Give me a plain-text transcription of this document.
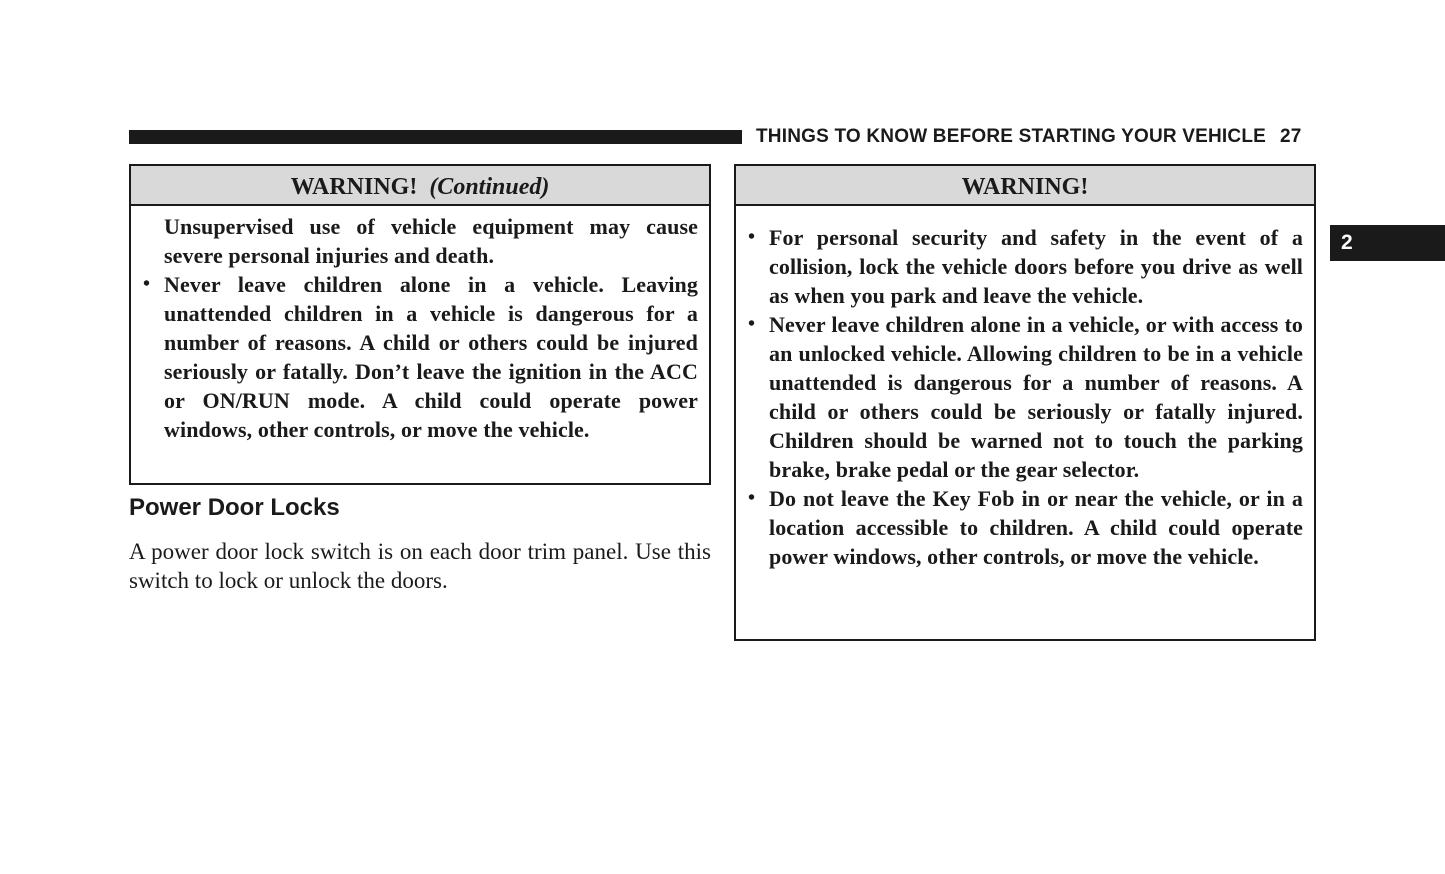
THINGS TO KNOW BEFORE STARTING YOUR VEHICLE 27
2
WARNING! (Continued)

Unsupervised use of vehicle equipment may cause severe personal injuries and death.

• Never leave children alone in a vehicle. Leaving unattended children in a vehicle is dangerous for a number of reasons. A child or others could be injured seriously or fatally. Don’t leave the ignition in the ACC or ON/RUN mode. A child could operate power windows, other controls, or move the vehicle.

Power Door Locks
A power door lock switch is on each door trim panel. Use this switch to lock or unlock the doors.
WARNING!

• For personal security and safety in the event of a collision, lock the vehicle doors before you drive as well as when you park and leave the vehicle.

• Never leave children alone in a vehicle, or with access to an unlocked vehicle. Allowing children to be in a vehicle unattended is dangerous for a number of reasons. A child or others could be seriously or fatally injured. Children should be warned not to touch the parking brake, brake pedal or the gear selector.

• Do not leave the Key Fob in or near the vehicle, or in a location accessible to children. A child could operate power windows, other controls, or move the vehicle.
